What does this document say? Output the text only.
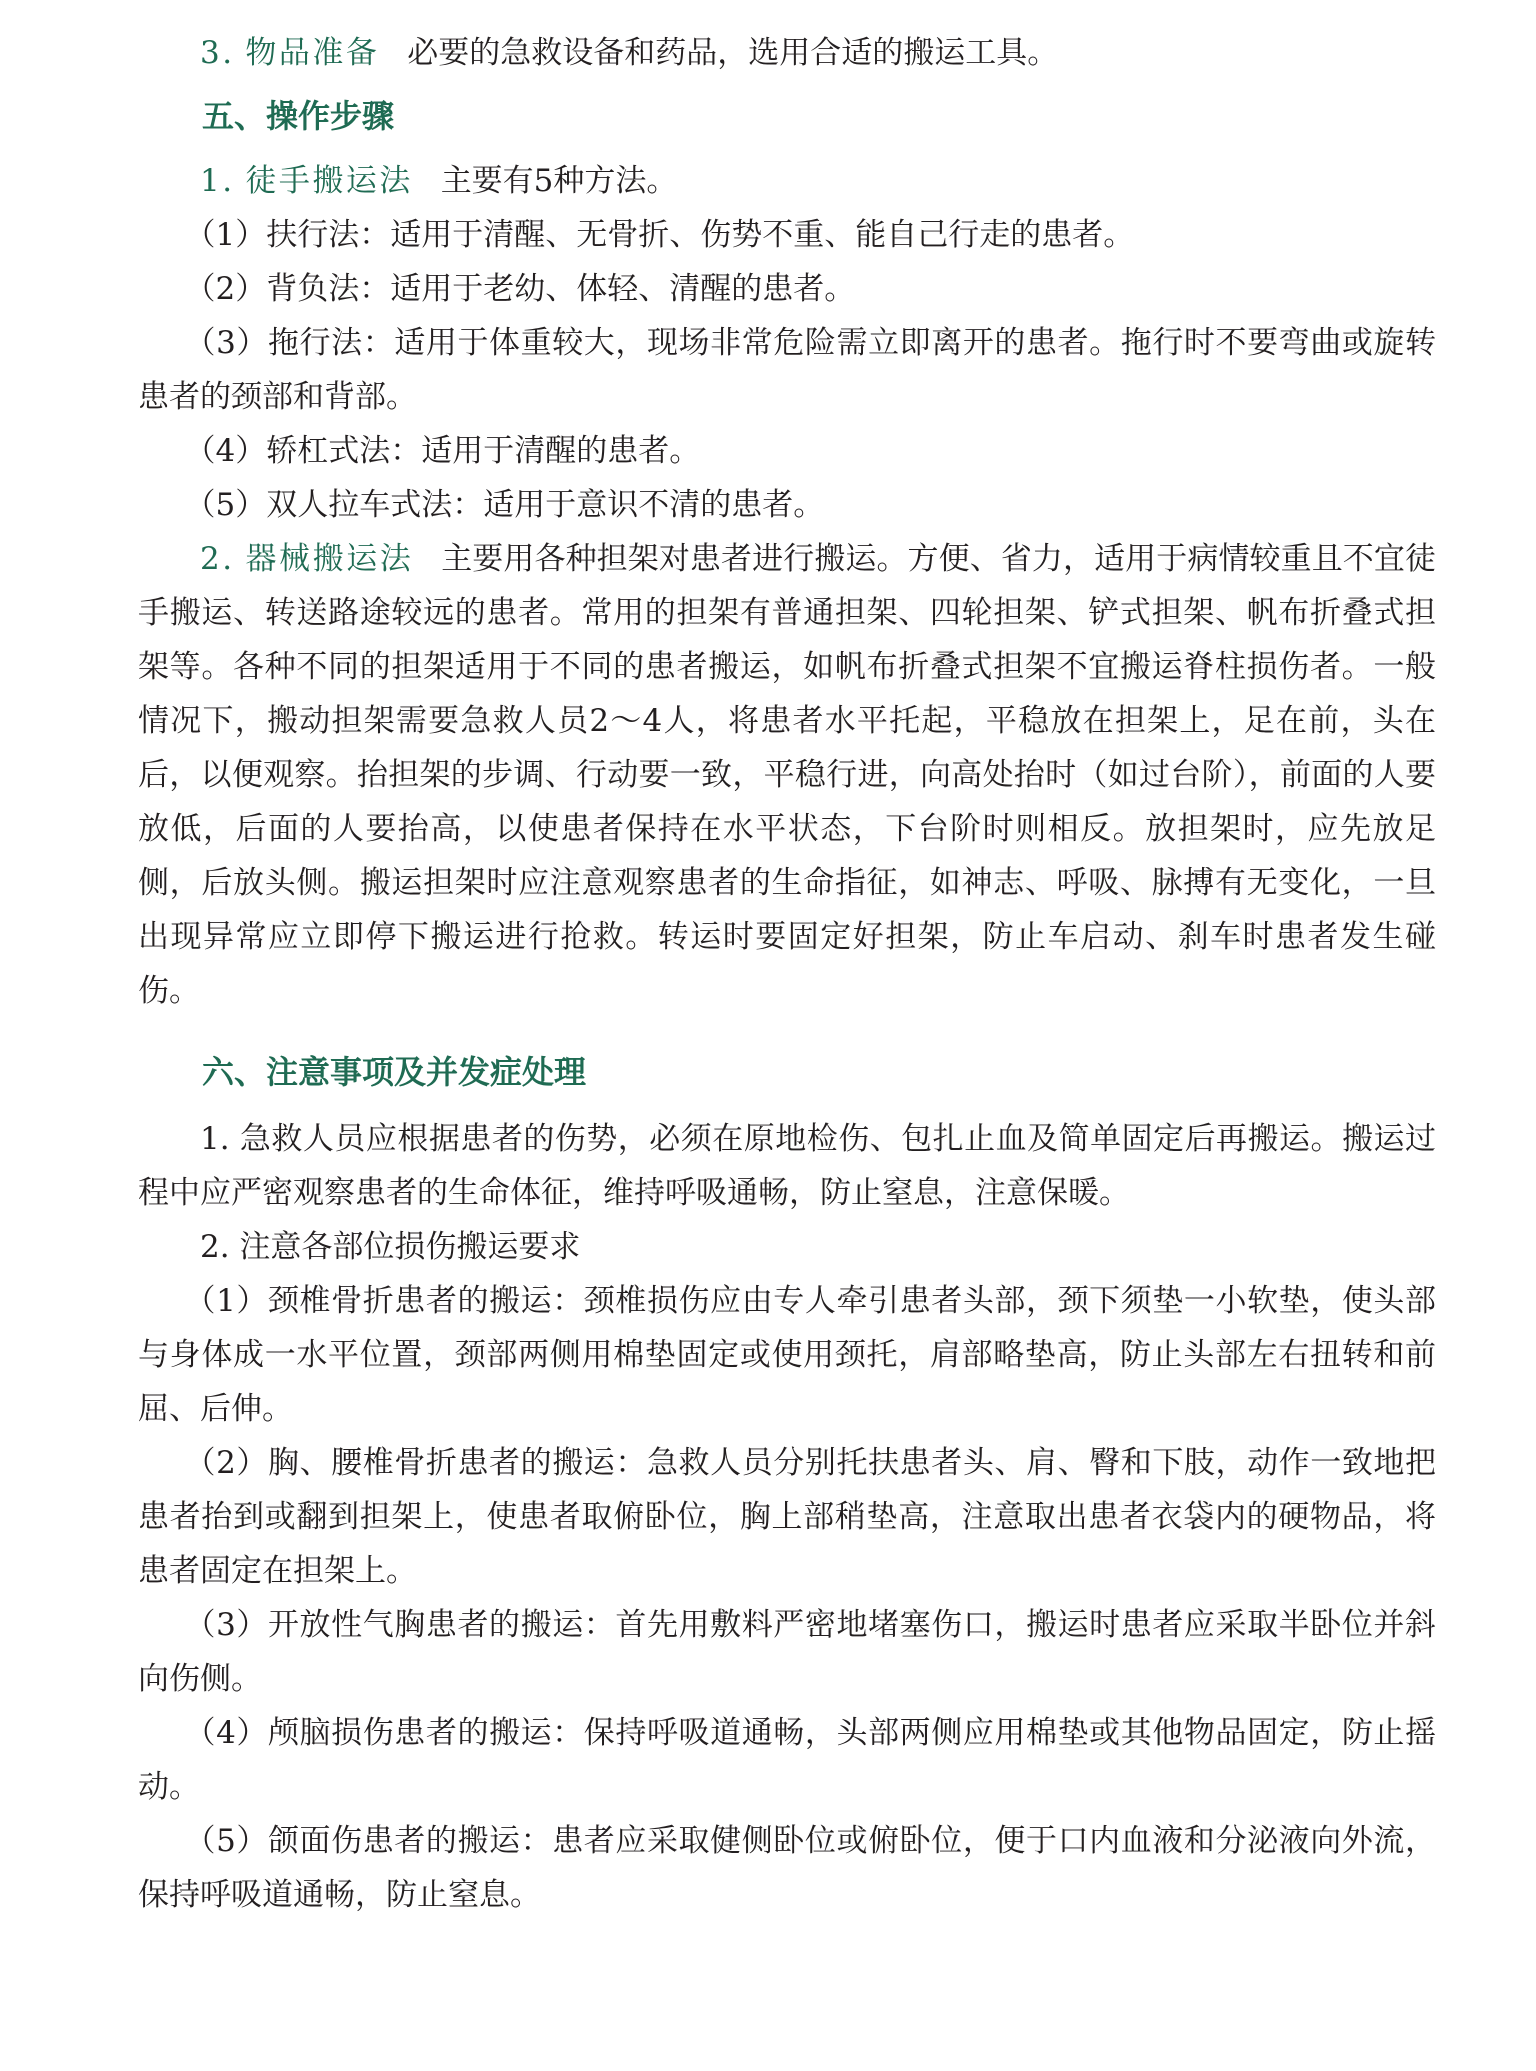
3. 物品准备 必要的急救设备和药品，选用合适的搬运工具。

五、操作步骤

1. 徒手搬运法 主要有5种方法。

（1）扶行法：适用于清醒、无骨折、伤势不重、能自己行走的患者。

（2）背负法：适用于老幼、体轻、清醒的患者。

（3）拖行法：适用于体重较大，现场非常危险需立即离开的患者。拖行时不要弯曲或旋转患者的颈部和背部。

（4）轿杠式法：适用于清醒的患者。

（5）双人拉车式法：适用于意识不清的患者。

2. 器械搬运法 主要用各种担架对患者进行搬运。方便、省力，适用于病情较重且不宜徒手搬运、转送路途较远的患者。常用的担架有普通担架、四轮担架、铲式担架、帆布折叠式担架等。各种不同的担架适用于不同的患者搬运，如帆布折叠式担架不宜搬运脊柱损伤者。一般情况下，搬动担架需要急救人员2～4人，将患者水平托起，平稳放在担架上，足在前，头在后，以便观察。抬担架的步调、行动要一致，平稳行进，向高处抬时（如过台阶），前面的人要放低，后面的人要抬高，以使患者保持在水平状态，下台阶时则相反。放担架时，应先放足侧，后放头侧。搬运担架时应注意观察患者的生命指征，如神志、呼吸、脉搏有无变化，一旦出现异常应立即停下搬运进行抢救。转运时要固定好担架，防止车启动、刹车时患者发生碰伤。

六、注意事项及并发症处理

1. 急救人员应根据患者的伤势，必须在原地检伤、包扎止血及简单固定后再搬运。搬运过程中应严密观察患者的生命体征，维持呼吸通畅，防止窒息，注意保暖。

2. 注意各部位损伤搬运要求

（1）颈椎骨折患者的搬运：颈椎损伤应由专人牵引患者头部，颈下须垫一小软垫，使头部与身体成一水平位置，颈部两侧用棉垫固定或使用颈托，肩部略垫高，防止头部左右扭转和前屈、后伸。

（2）胸、腰椎骨折患者的搬运：急救人员分别托扶患者头、肩、臀和下肢，动作一致地把患者抬到或翻到担架上，使患者取俯卧位，胸上部稍垫高，注意取出患者衣袋内的硬物品，将患者固定在担架上。

（3）开放性气胸患者的搬运：首先用敷料严密地堵塞伤口，搬运时患者应采取半卧位并斜向伤侧。

（4）颅脑损伤患者的搬运：保持呼吸道通畅，头部两侧应用棉垫或其他物品固定，防止摇动。

（5）颌面伤患者的搬运：患者应采取健侧卧位或俯卧位，便于口内血液和分泌液向外流，保持呼吸道通畅，防止窒息。
